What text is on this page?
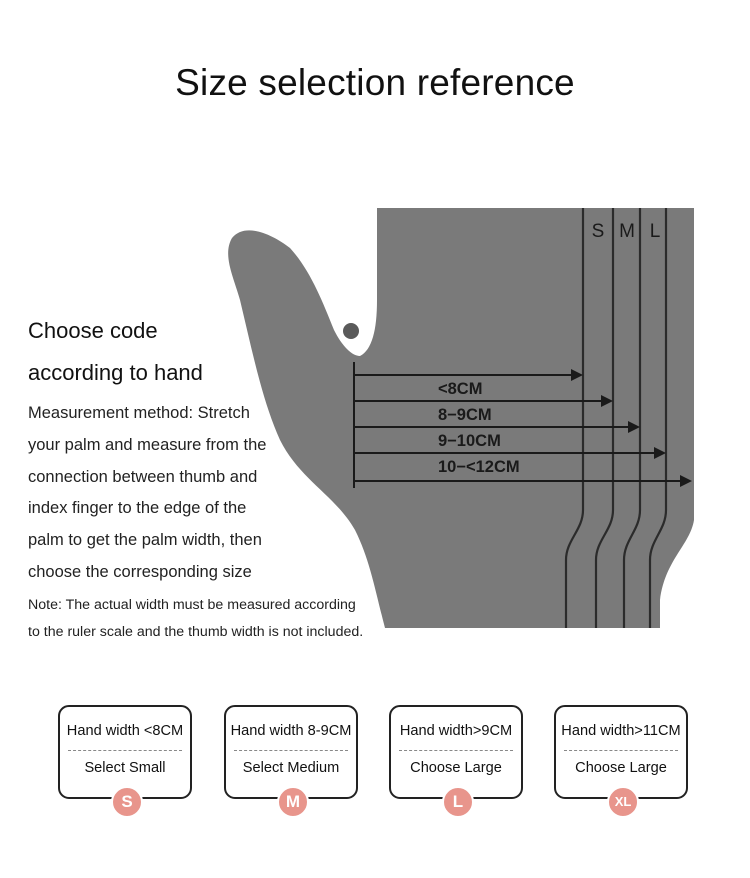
Size selection reference
S M L
<8CM
8−9CM
9−10CM
10−<12CM
Choose code
according to hand
Measurement method: Stretch
your palm and measure from the
connection between thumb and
index finger to the edge of the
palm to get the palm width, then
choose the corresponding size
Note: The actual width must be measured according
to the ruler scale and the thumb width is not included.
Hand width <8CM
Select Small
S
Hand width 8-9CM
Select Medium
M
Hand width>9CM
Choose Large
L
Hand width>11CM
Choose Large
XL
